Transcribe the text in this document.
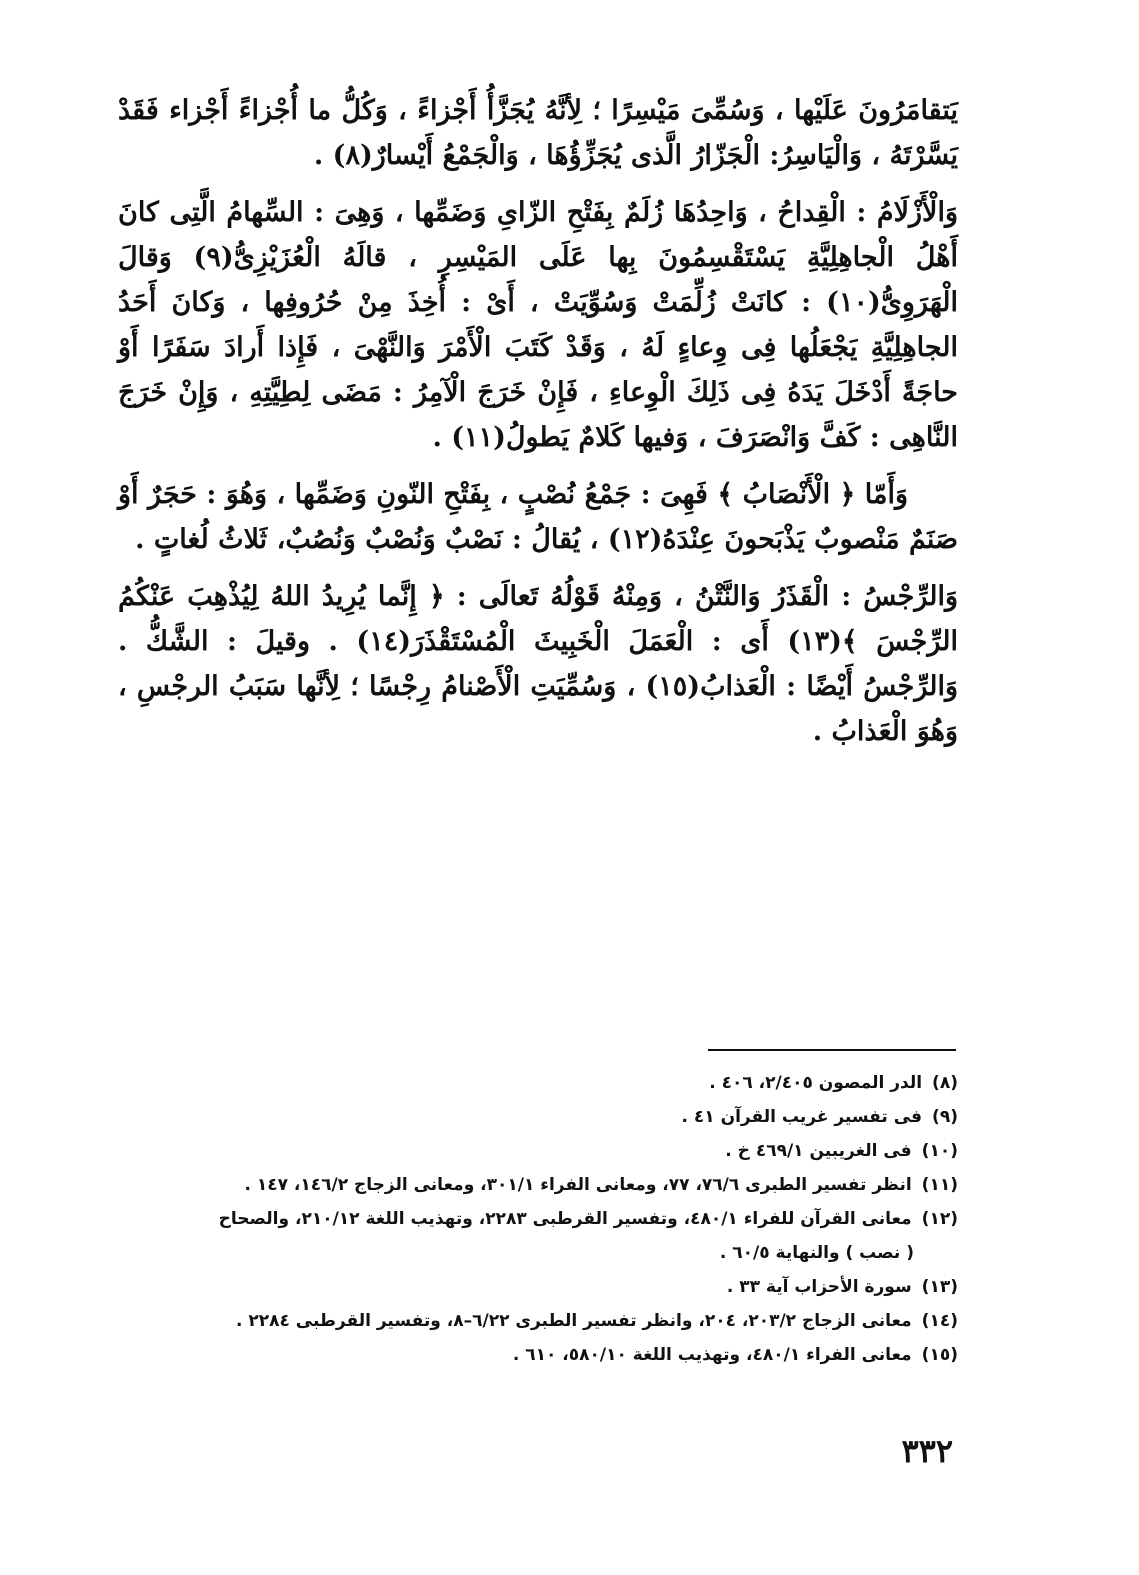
يَتقامَرُونَ عَلَيْها ، وَسُمِّىَ مَيْسِرًا ؛ لِأنَّهُ يُجَزَّأُ أَجْزاءً ، وَكُلُّ ما أُجْزاءً أَجْزاء فَقَدْ يَسَّرْتَهُ ، وَالْيَاسِرُ: الْجَزّارُ الَّذى يُجَزِّؤُهَا ، وَالْجَمْعُ أَيْسارٌ(٨) .

وَالْأَزْلَامُ : الْقِداحُ ، وَاحِدُهَا زُلَمٌ بِفَتْحِ الزّاىِ وَضَمِّها ، وَهِىَ : السِّهامُ الَّتِى كانَ أَهْلُ الْجاهِلِيَّةِ يَسْتَقْسِمُونَ بِها عَلَى المَيْسِرِ ، قالَهُ الْعُزَيْزِىُّ(٩) وَقالَ الْهَرَوِىُّ(١٠) : كانَتْ زُلِّمَتْ وَسُوِّيَتْ ، أَىْ : أُخِذَ مِنْ حُرُوفِها ، وَكانَ أَحَدُ الجاهِلِيَّةِ يَجْعَلُها فِى وِعاءٍ لَهُ ، وَقَدْ كَتَبَ الْأَمْرَ وَالنَّهْىَ ، فَإِذا أَرادَ سَفَرًا أَوْ حاجَةً أَدْخَلَ يَدَهُ فِى ذَلِكَ الْوِعاءِ ، فَإِنْ خَرَجَ الْآمِرُ : مَضَى لِطِيَّتِهِ ، وَإِنْ خَرَجَ النَّاهِى : كَفَّ وَانْصَرَفَ ، وَفيها كَلامٌ يَطولُ(١١) .

وَأَمّا ﴿ الْأَنْصَابُ ﴾ فَهِىَ : جَمْعُ نُصْبٍ ، بِفَتْحِ النّونِ وَضَمِّها ، وَهُوَ : حَجَرٌ أَوْ صَنَمٌ مَنْصوبٌ يَذْبَحونَ عِنْدَهُ(١٢) ، يُقالُ : نَصْبٌ وَنُصْبٌ وَنُصُبٌ، ثَلاثُ لُغاتٍ .

وَالرِّجْسُ : الْقَذَرُ وَالنَّتْنُ ، وَمِنْهُ قَوْلُهُ تَعالَى : ﴿ إِنَّما يُرِيدُ اللهُ لِيُذْهِبَ عَنْكُمُ الرِّجْسَ ﴾(١٣) أَى : الْعَمَلَ الْخَبِيثَ الْمُسْتَقْذَرَ(١٤) . وقيلَ : الشَّكُّ . وَالرِّجْسُ أَيْضًا : الْعَذابُ(١٥) ، وَسُمِّيَتِ الْأَصْنامُ رِجْسًا ؛ لِأنَّها سَبَبُ الرجْسِ ، وَهُوَ الْعَذابُ .

(٨)الدر المصون ٢/٤٠٥، ٤٠٦ .

(٩)فى تفسير غريب القرآن ٤١ .

(١٠)فى الغريبين ٤٦٩/١ خ .

(١١)انظر تفسير الطبرى ٧٦/٦، ٧٧، ومعانى الفراء ٣٠١/١، ومعانى الزجاج ١٤٦/٢، ١٤٧ .

(١٢)معانى القرآن للفراء ٤٨٠/١، وتفسير القرطبى ٢٢٨٣، وتهذيب اللغة ٢١٠/١٢، والصحاح
( نصب ) والنهاية ٦٠/٥ .

(١٣)سورة الأحزاب آية ٣٣ .

(١٤)معانى الزجاج ٢٠٣/٢، ٢٠٤، وانظر تفسير الطبرى ٦/٢٢–٨، وتفسير القرطبى ٢٢٨٤ .

(١٥)معانى الفراء ٤٨٠/١، وتهذيب اللغة ٥٨٠/١٠، ٦١٠ .

٣٣٢
